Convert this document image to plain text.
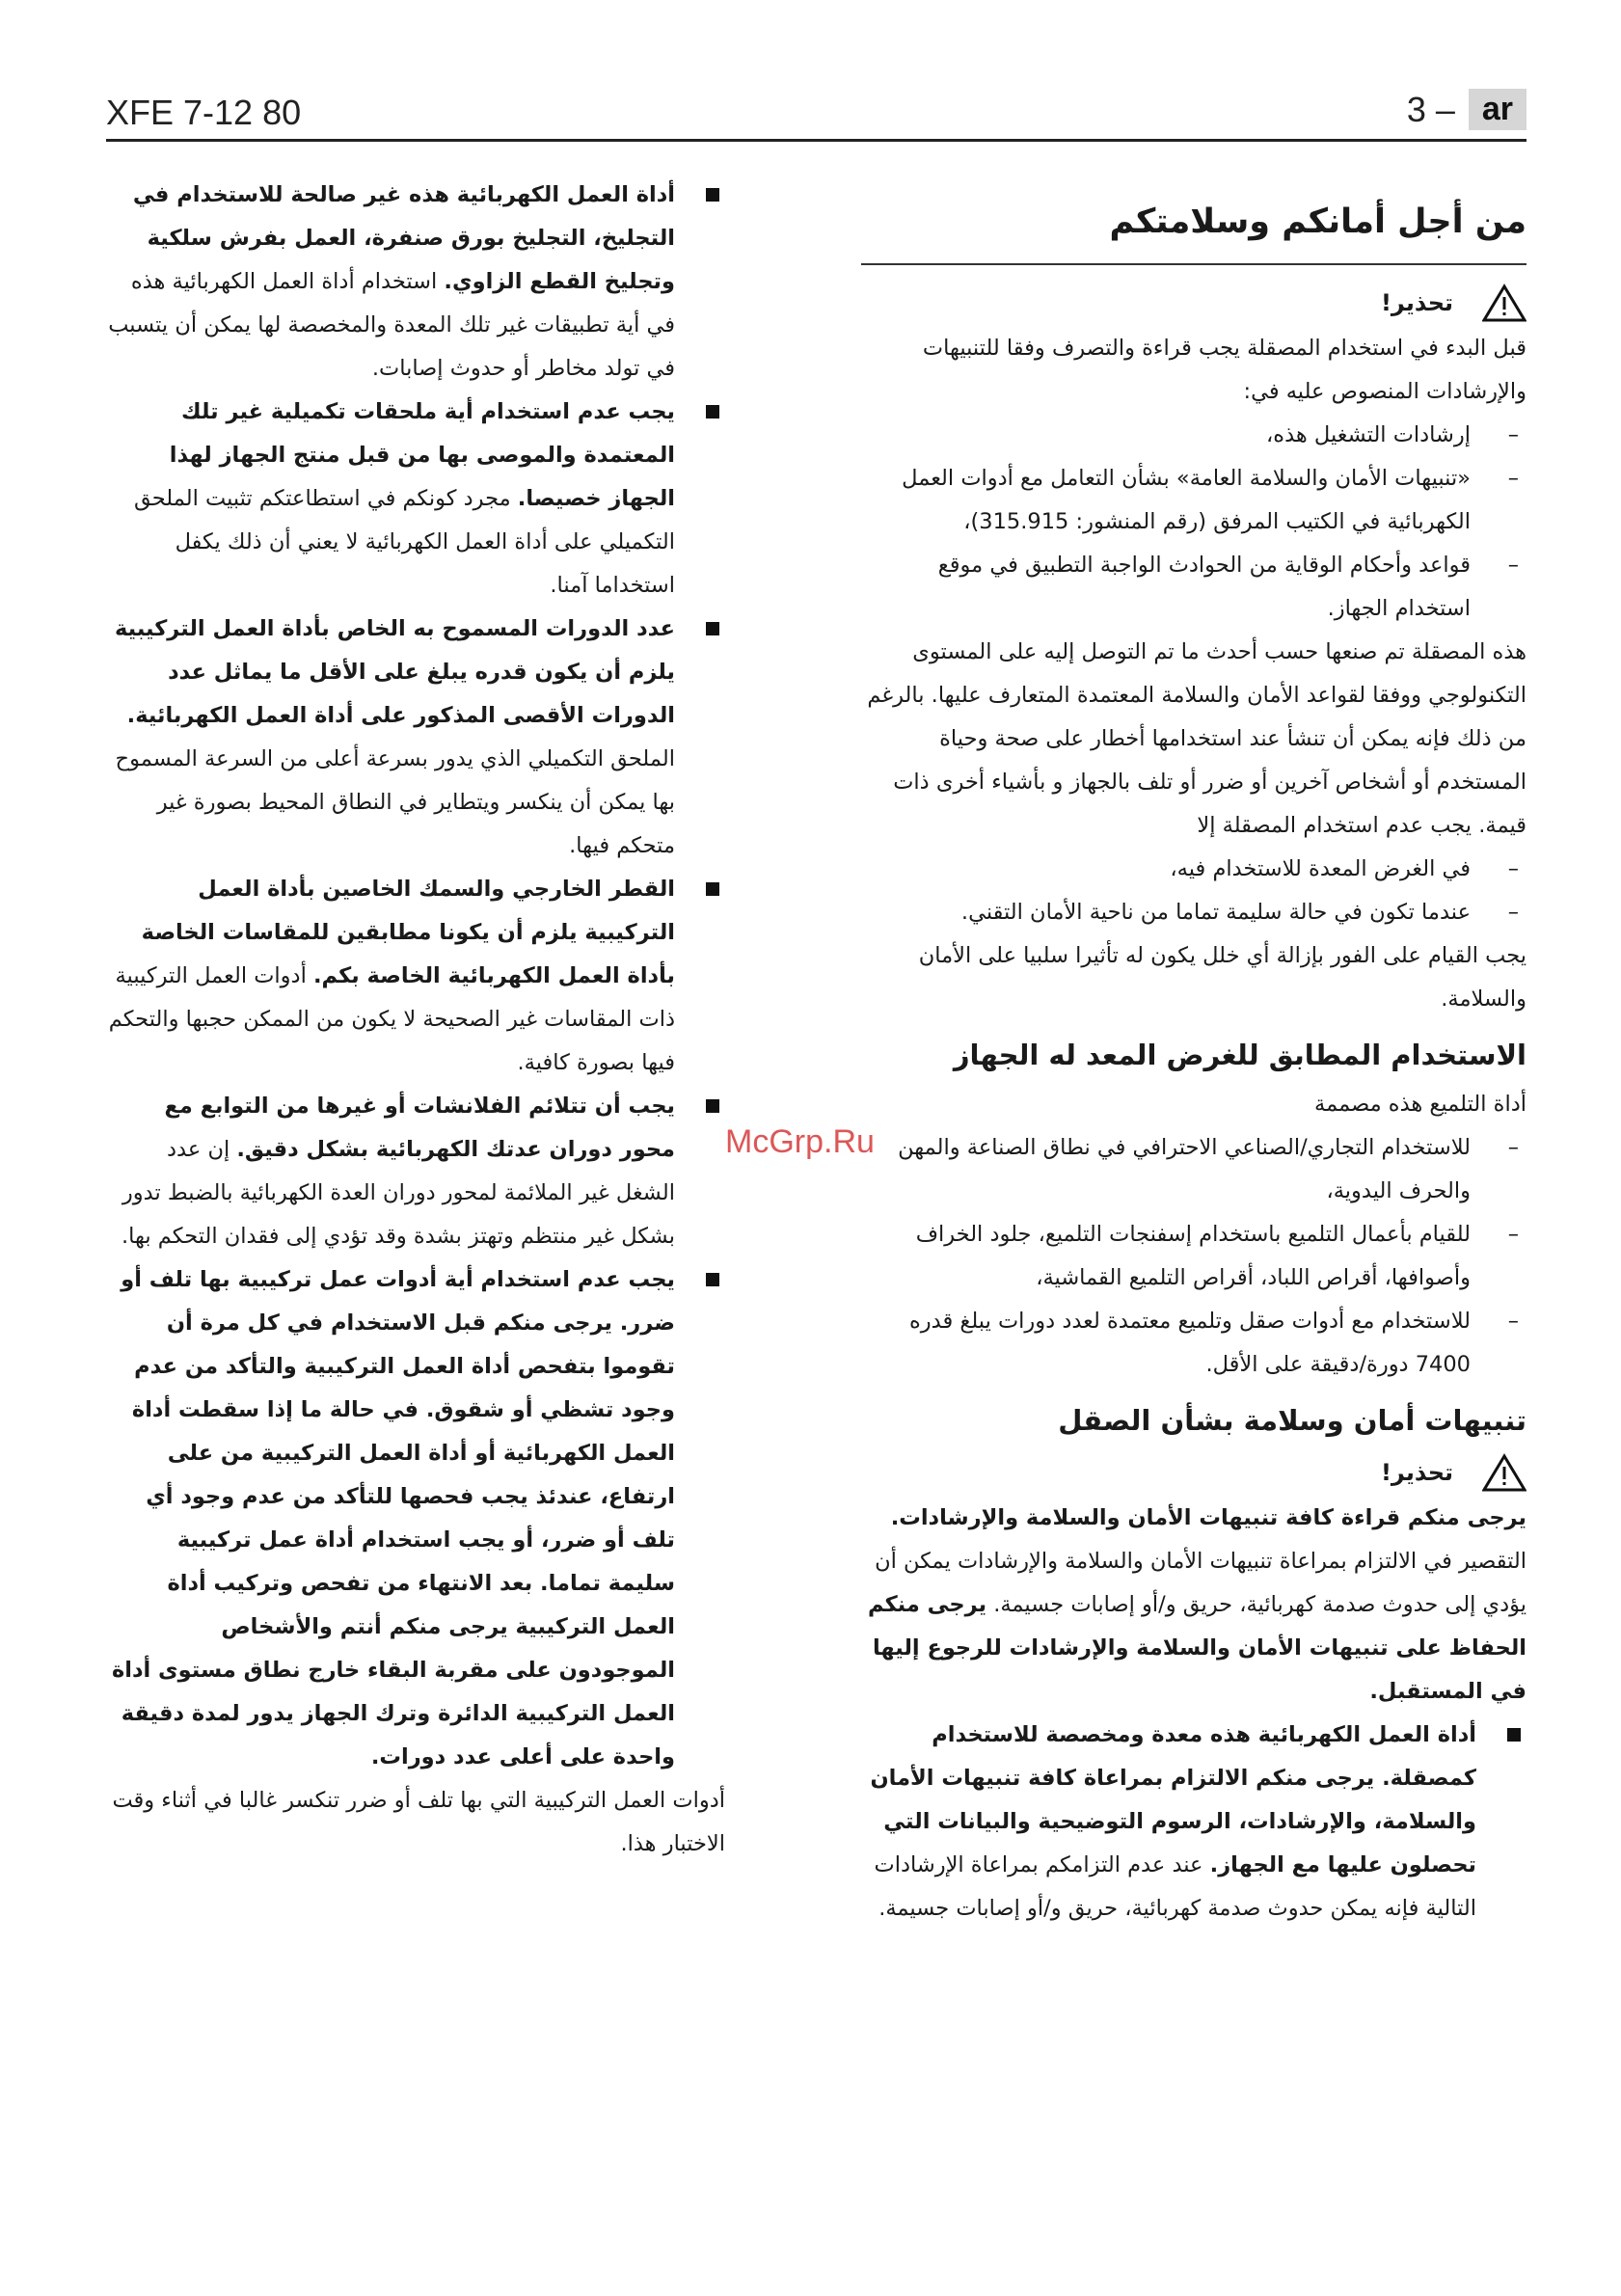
XFE 7-12 80	3 – ar
من أجل أمانكم وسلامتكم
تحذير!

قبل البدء في استخدام المصقلة يجب قراءة والتصرف وفقا للتنبيهات والإرشادات المنصوص عليه في:

– إرشادات التشغيل هذه،
– «تنبيهات الأمان والسلامة العامة» بشأن التعامل مع أدوات العمل الكهربائية في الكتيب المرفق (رقم المنشور: 315.915)،
– قواعد وأحكام الوقاية من الحوادث الواجبة التطبيق في موقع استخدام الجهاز.

هذه المصقلة تم صنعها حسب أحدث ما تم التوصل إليه على المستوى التكنولوجي ووفقا لقواعد الأمان والسلامة المعتمدة المتعارف عليها. بالرغم من ذلك فإنه يمكن أن تنشأ عند استخدامها أخطار على صحة وحياة المستخدم أو أشخاص آخرين أو ضرر أو تلف بالجهاز و بأشياء أخرى ذات قيمة. يجب عدم استخدام المصقلة إلا

– في الغرض المعدة للاستخدام فيه،
– عندما تكون في حالة سليمة تماما من ناحية الأمان التقني.

يجب القيام على الفور بإزالة أي خلل يكون له تأثيرا سلبيا على الأمان والسلامة.

الاستخدام المطابق للغرض المعد له الجهاز

أداة التلميع هذه مصممة

– للاستخدام التجاري/الصناعي الاحترافي في نطاق الصناعة والمهن والحرف اليدوية،
– للقيام بأعمال التلميع باستخدام إسفنجات التلميع، جلود الخراف وأصوافها، أقراص اللباد، أقراص التلميع القماشية،
– للاستخدام مع أدوات صقل وتلميع معتمدة لعدد دورات يبلغ قدره 7400 دورة/دقيقة على الأقل.
تنبيهات أمان وسلامة بشأن الصقل
تحذير!

يرجى منكم قراءة كافة تنبيهات الأمان والسلامة والإرشادات. التقصير في الالتزام بمراعاة تنبيهات الأمان والسلامة والإرشادات يمكن أن يؤدي إلى حدوث صدمة كهربائية، حريق و/أو إصابات جسيمة. يرجى منكم الحفاظ على تنبيهات الأمان والسلامة والإرشادات للرجوع إليها في المستقبل.

أداة العمل الكهربائية هذه معدة ومخصصة للاستخدام كمصقلة. يرجى منكم الالتزام بمراعاة كافة تنبيهات الأمان والسلامة، والإرشادات، الرسوم التوضيحية والبيانات التي تحصلون عليها مع الجهاز. عند عدم التزامكم بمراعاة الإرشادات التالية فإنه يمكن حدوث صدمة كهربائية، حريق و/أو إصابات جسيمة.
أداة العمل الكهربائية هذه غير صالحة للاستخدام في التجليخ، التجليخ بورق صنفرة، العمل بفرش سلكية وتجليخ القطع الزاوي. استخدام أداة العمل الكهربائية هذه في أية تطبيقات غير تلك المعدة والمخصصة لها يمكن أن يتسبب في تولد مخاطر أو حدوث إصابات.
يجب عدم استخدام أية ملحقات تكميلية غير تلك المعتمدة والموصى بها من قبل منتج الجهاز لهذا الجهاز خصيصا. مجرد كونكم في استطاعتكم تثبيت الملحق التكميلي على أداة العمل الكهربائية لا يعني أن ذلك يكفل استخداما آمنا.
عدد الدورات المسموح به الخاص بأداة العمل التركيبية يلزم أن يكون قدره يبلغ على الأقل ما يماثل عدد الدورات الأقصى المذكور على أداة العمل الكهربائية. الملحق التكميلي الذي يدور بسرعة أعلى من السرعة المسموح بها يمكن أن ينكسر ويتطاير في النطاق المحيط بصورة غير متحكم فيها.
القطر الخارجي والسمك الخاصين بأداة العمل التركيبية يلزم أن يكونا مطابقين للمقاسات الخاصة بأداة العمل الكهربائية الخاصة بكم. أدوات العمل التركيبية ذات المقاسات غير الصحيحة لا يكون من الممكن حجبها والتحكم فيها بصورة كافية.
يجب أن تتلائم الفلانشات أو غيرها من التوابع مع محور دوران عدتك الكهربائية بشكل دقيق. إن عدد الشغل غير الملائمة لمحور دوران العدة الكهربائية بالضبط تدور بشكل غير منتظم وتهتز بشدة وقد تؤدي إلى فقدان التحكم بها.
يجب عدم استخدام أية أدوات عمل تركيبية بها تلف أو ضرر. يرجى منكم قبل الاستخدام في كل مرة أن تقوموا بتفحص أداة العمل التركيبية والتأكد من عدم وجود تشظي أو شقوق. في حالة ما إذا سقطت أداة العمل الكهربائية أو أداة العمل التركيبية من على ارتفاع، عندئذ يجب فحصها للتأكد من عدم وجود أي تلف أو ضرر، أو يجب استخدام أداة عمل تركيبية سليمة تماما. بعد الانتهاء من تفحص وتركيب أداة العمل التركيبية يرجى منكم أنتم والأشخاص الموجودون على مقربة البقاء خارج نطاق مستوى أداة العمل التركيبية الدائرة وترك الجهاز يدور لمدة دقيقة واحدة على أعلى عدد دورات.

أدوات العمل التركيبية التي بها تلف أو ضرر تنكسر غالبا في أثناء وقت الاختبار هذا.

McGrp.Ru
